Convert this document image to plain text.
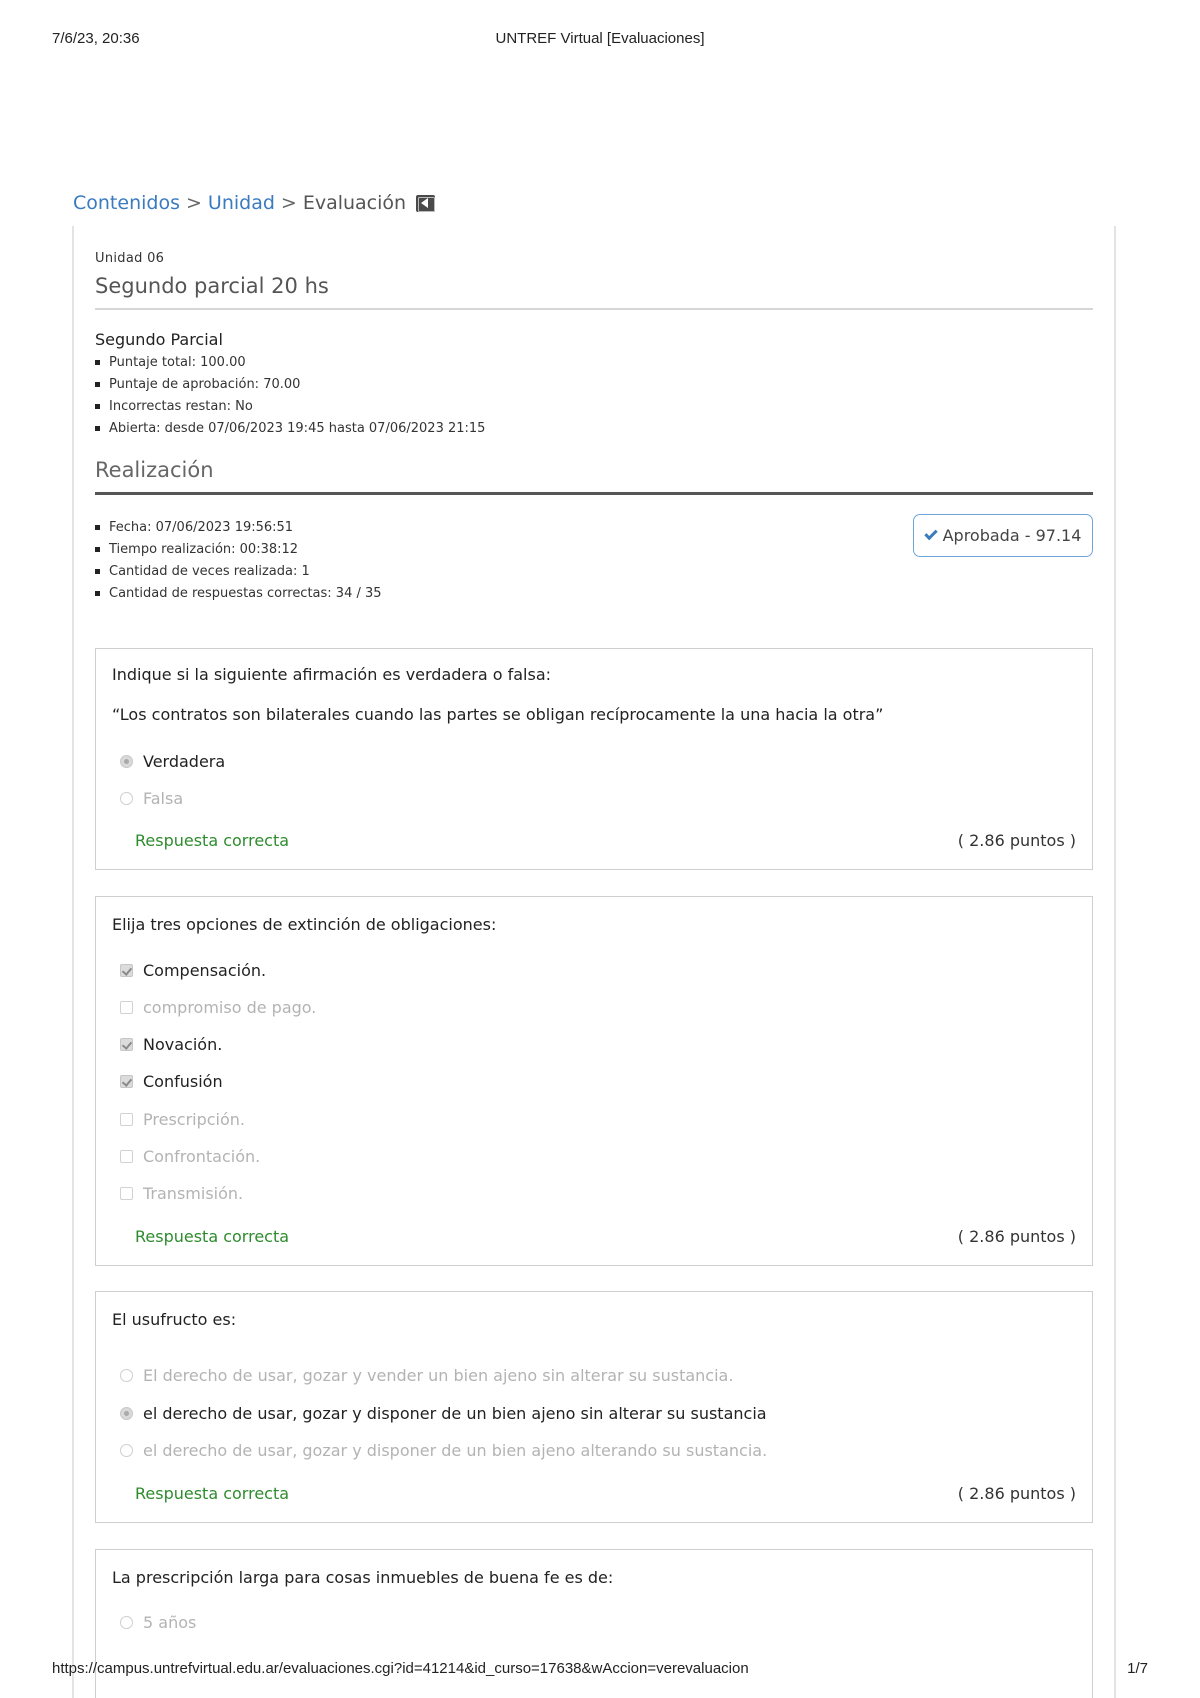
7/6/23, 20:36	UNTREF Virtual [Evaluaciones]
Contenidos > Unidad > Evaluación
Unidad 06
Segundo parcial 20 hs
Segundo Parcial
Puntaje total: 100.00
Puntaje de aprobación: 70.00
Incorrectas restan: No
Abierta: desde 07/06/2023 19:45 hasta 07/06/2023 21:15
Realización
Fecha: 07/06/2023 19:56:51
Tiempo realización: 00:38:12
Cantidad de veces realizada: 1
Cantidad de respuestas correctas: 34 / 35
Aprobada - 97.14
Indique si la siguiente afirmación es verdadera o falsa:
“Los contratos son bilaterales cuando las partes se obligan recíprocamente la una hacia la otra”
Verdadera
Falsa
Respuesta correcta	( 2.86 puntos )
Elija tres opciones de extinción de obligaciones:
Compensación.
compromiso de pago.
Novación.
Confusión
Prescripción.
Confrontación.
Transmisión.
Respuesta correcta	( 2.86 puntos )
El usufructo es:
El derecho de usar, gozar y vender un bien ajeno sin alterar su sustancia.
el derecho de usar, gozar y disponer de un bien ajeno sin alterar su sustancia
el derecho de usar, gozar y disponer de un bien ajeno alterando su sustancia.
Respuesta correcta	( 2.86 puntos )
La prescripción larga para cosas inmuebles de buena fe es de:
5 años
https://campus.untrefvirtual.edu.ar/evaluaciones.cgi?id=41214&id_curso=17638&wAccion=verevaluacion	1/7
